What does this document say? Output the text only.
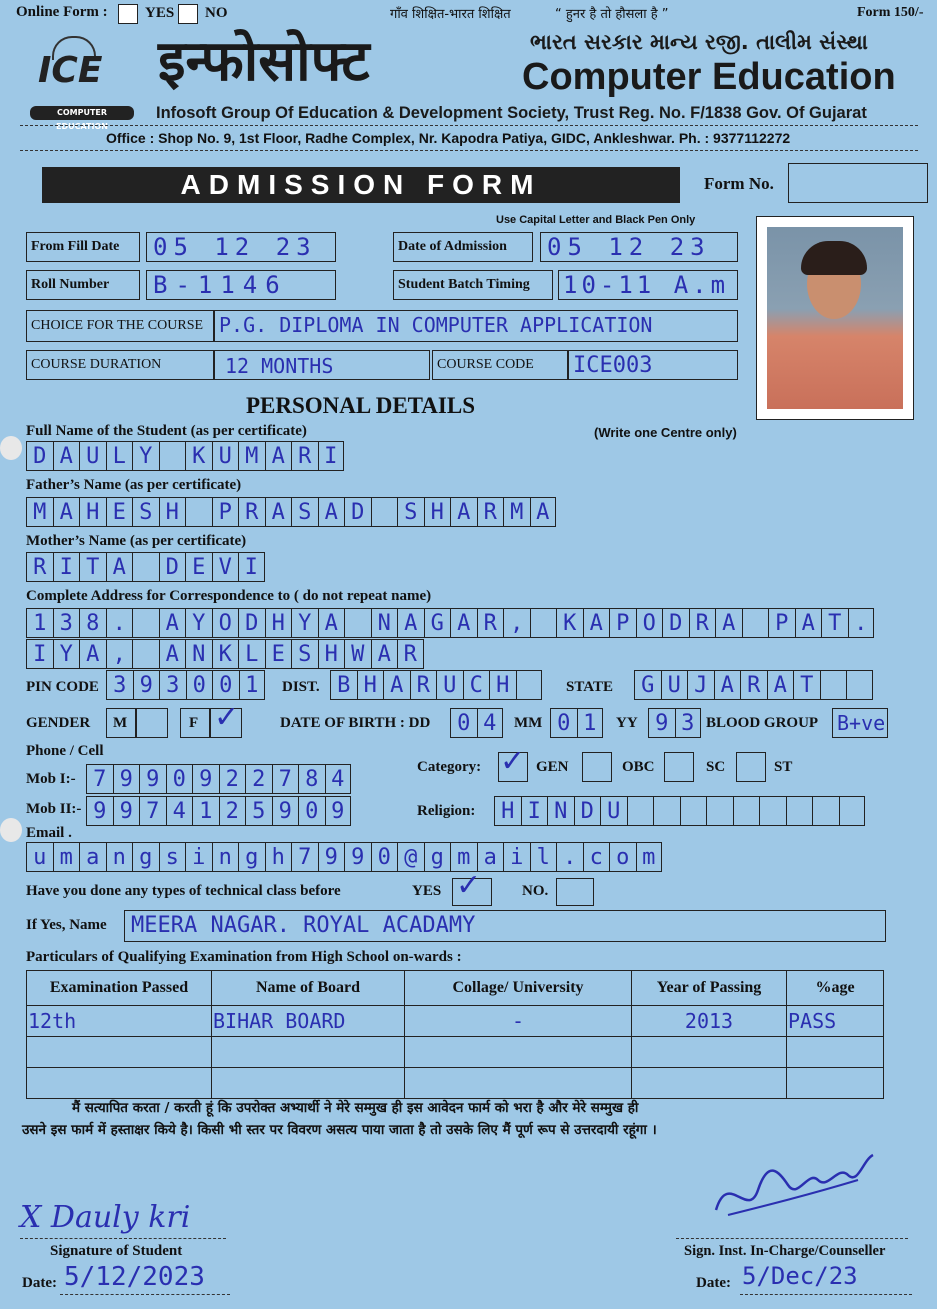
Online Form : YES NO	गाँव शिक्षित-भारत शिक्षित	“ हुनर है तो हौसला है ”	Form 150/-
ICE
COMPUTER EDUCATION
इन्फोसोफ्ट	ભારત સરકાર માન્ય રજી. તાલીમ સંસ્થા
Computer Education
Infosoft Group Of Education & Development Society, Trust Reg. No. F/1838 Gov. Of Gujarat
Office : Shop No. 9, 1st Floor, Radhe Complex, Nr. Kapodra Patiya, GIDC, Ankleshwar. Ph. : 9377112272
ADMISSION FORM	Form No.
Use Capital Letter and Black Pen Only
From Fill Date 05 12 23	Date of Admission 05 12 23
Roll Number B-1146	Student Batch Timing 10-11 A.m
CHOICE FOR THE COURSE P.G. DIPLOMA IN COMPUTER APPLICATION
COURSE DURATION	12 MONTHS	COURSE CODE ICE003
PERSONAL DETAILS
Full Name of the Student (as per certificate)	(Write one Centre only)
D A U L Y	K U M A R I
Father’s Name (as per certificate)
M A H E S H	P R A S A D	S H A R M A
Mother’s Name (as per certificate)
R I T A	D E V I
Complete Address for Correspondence to ( do not repeat name)
1 3 8 .	A Y O D H Y A	N A G A R ,	K A P O D R A	P A T .
I Y A ,	A N K L E S H W A R
PIN CODE 3 9 3 0 0 1	DIST. B H A R U C H	STATE	G U J A R A T
GENDER M	F ✓	DATE OF BIRTH : DD	0 4	MM 0 1	YY 9 3 BLOOD GROUP B+ve
Phone / Cell
Mob I:- 7 9 9 0 9 2 2 7 8 4
Mob II:- 9 9 7 4 1 2 5 9 0 9
Category: ✓ GEN	OBC	SC	ST
Religion:	H I N D U
Email .
u m a n g s i n g h 7 9 9 0 @ g m a i l . c o m
Have you done any types of technical class before	YES ✓	NO.
If Yes, Name MEERA NAGAR. ROYAL ACADAMY
Particulars of Qualifying Examination from High School on-wards :
Examination Passed	Name of Board	Collage/ University	Year of Passing	%age
12th	BIHAR BOARD	-	2013	PASS

मैं सत्यापित करता / करती हूं कि उपरोक्त अभ्यार्थी ने मेरे सम्मुख ही इस आवेदन फार्म को भरा है और मेरे सम्मुख ही
उसने इस फार्म में हस्ताक्षर किये है। किसी भी स्तर पर विवरण असत्य पाया जाता है तो उसके लिए मैं पूर्ण रूप से उत्तरदायी रहूंगा ।
X Dauly kri
Signature of Student
Date: 5/12/2023
Sign. Inst. In-Charge/Counseller
Date: 5/Dec/23
